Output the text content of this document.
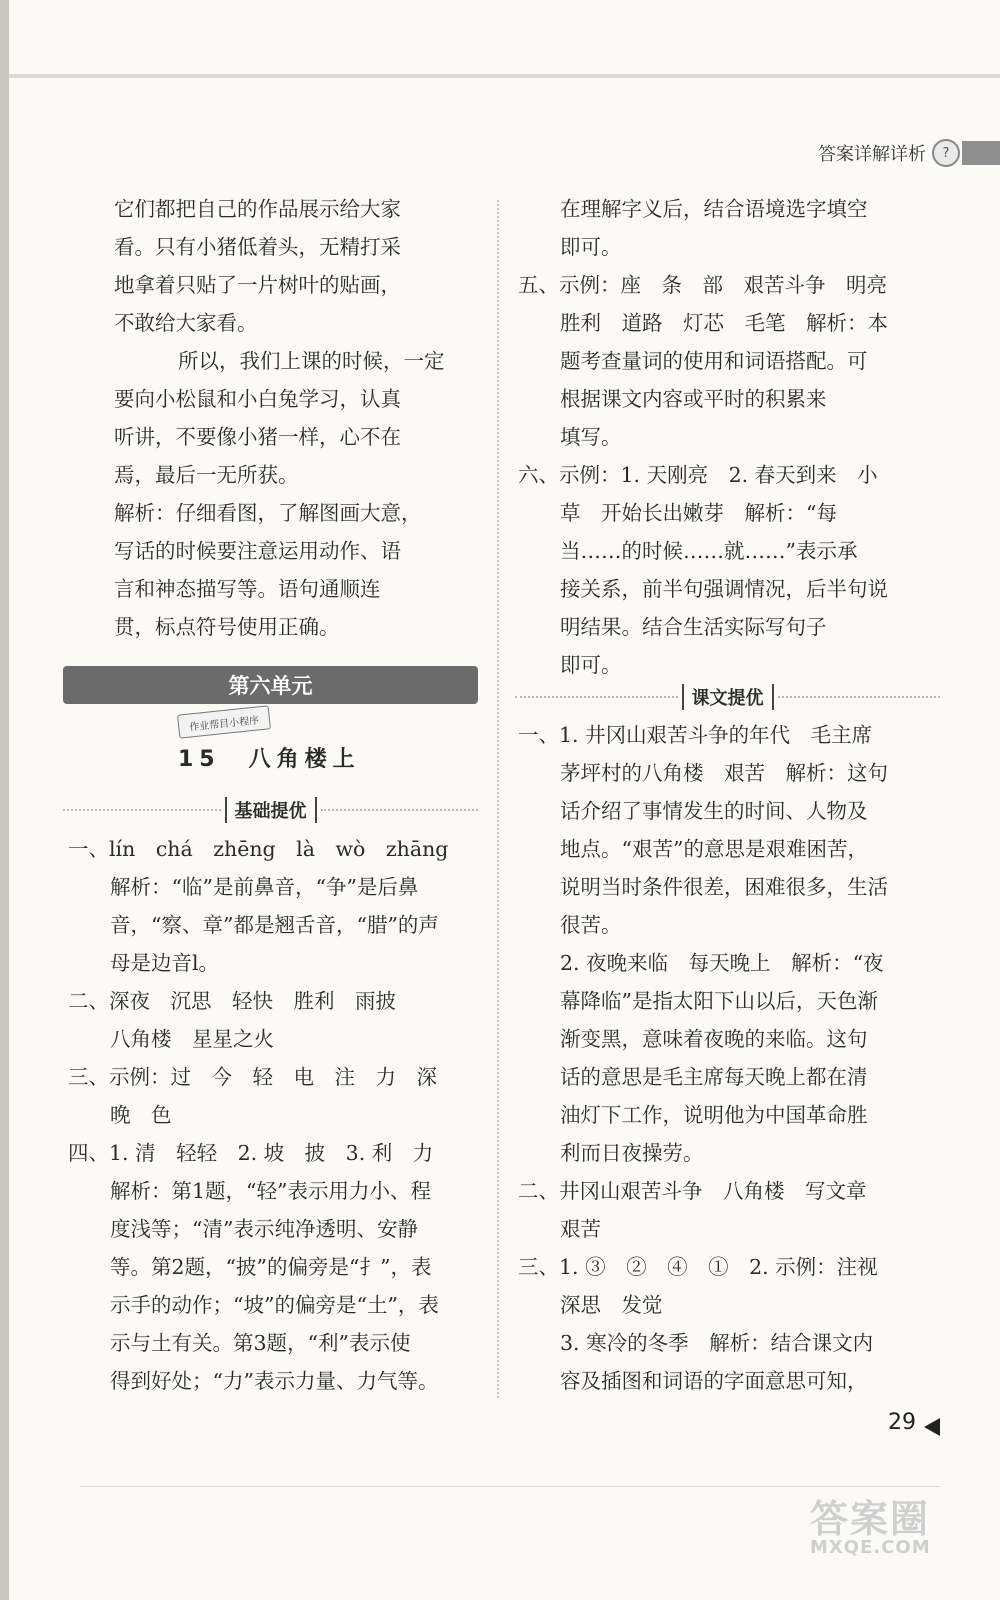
答案详解详析	?

它们都把自己的作品展示给大家

看。只有小猪低着头，无精打采

地拿着只贴了一片树叶的贴画，

不敢给大家看。

所以，我们上课的时候，一定

要向小松鼠和小白兔学习，认真

听讲，不要像小猪一样，心不在

焉，最后一无所获。

解析：仔细看图，了解图画大意，

写话的时候要注意运用动作、语

言和神态描写等。语句通顺连

贯，标点符号使用正确。

第六单元
作业帮目小程序
15　八角楼上
基础提优

一、lín　chá　zhēng　là　wò　zhāng

解析：“临”是前鼻音，“争”是后鼻

音，“察、章”都是翘舌音，“腊”的声

母是边音l。

二、深夜　沉思　轻快　胜利　雨披

八角楼　星星之火

三、示例：过　今　轻　电　注　力　深

晚　色

四、1. 清　轻轻　2. 坡　披　3. 利　力

解析：第1题，“轻”表示用力小、程

度浅等；“清”表示纯净透明、安静

等。第2题，“披”的偏旁是“扌”，表

示手的动作；“坡”的偏旁是“土”，表

示与土有关。第3题，“利”表示使

得到好处；“力”表示力量、力气等。

在理解字义后，结合语境选字填空

即可。

五、示例：座　条　部　艰苦斗争　明亮

胜利　道路　灯芯　毛笔　解析：本

题考查量词的使用和词语搭配。可

根据课文内容或平时的积累来

填写。

六、示例：1. 天刚亮　2. 春天到来　小

草　开始长出嫩芽　解析：“每

当……的时候……就……”表示承

接关系，前半句强调情况，后半句说

明结果。结合生活实际写句子

即可。

课文提优

一、1. 井冈山艰苦斗争的年代　毛主席

茅坪村的八角楼　艰苦　解析：这句

话介绍了事情发生的时间、人物及

地点。“艰苦”的意思是艰难困苦，

说明当时条件很差，困难很多，生活

很苦。

2. 夜晚来临　每天晚上　解析：“夜

幕降临”是指太阳下山以后，天色渐

渐变黑，意味着夜晚的来临。这句

话的意思是毛主席每天晚上都在清

油灯下工作，说明他为中国革命胜

利而日夜操劳。

二、井冈山艰苦斗争　八角楼　写文章

艰苦

三、1. ③　②　④　①　2. 示例：注视

深思　发觉

3. 寒冷的冬季　解析：结合课文内

容及插图和词语的字面意思可知，

29
答案圈
MXQE.COM
